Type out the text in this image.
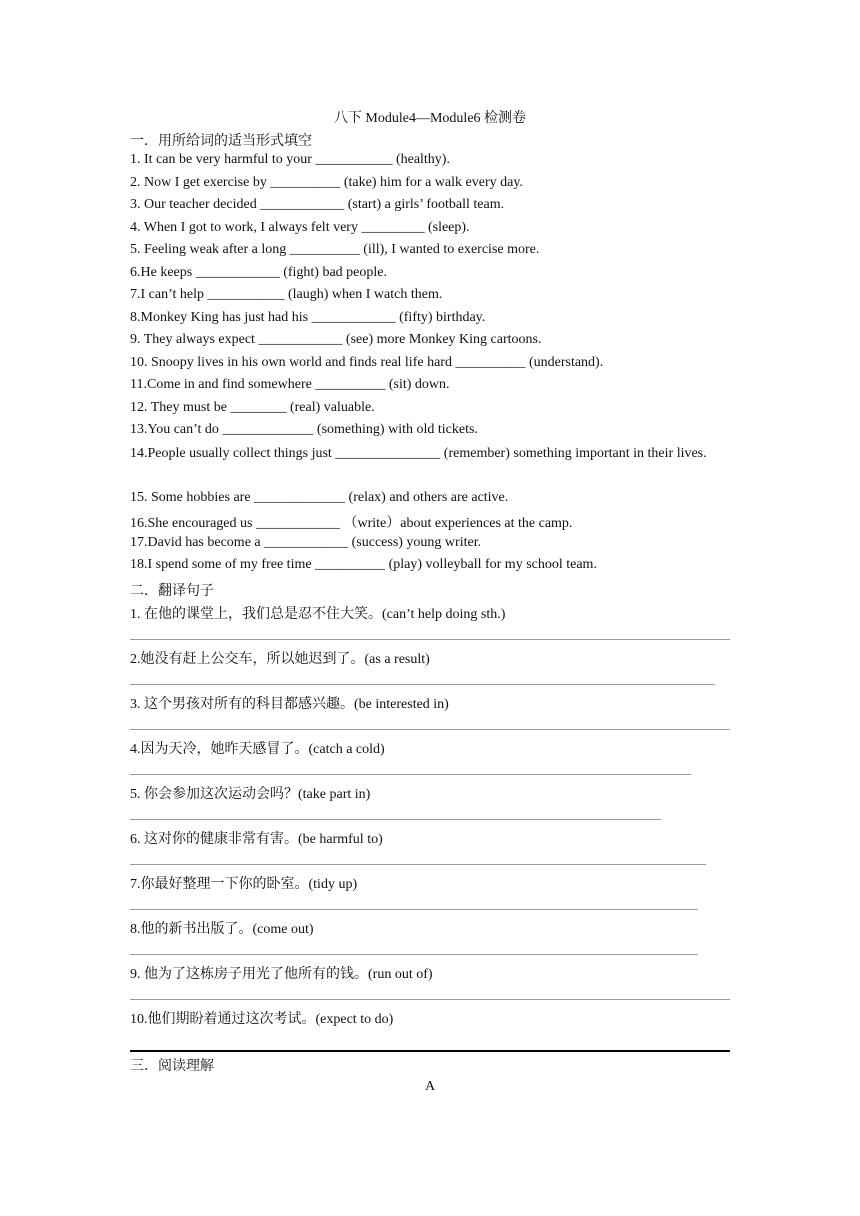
八下 Module4—Module6 检测卷
一．用所给词的适当形式填空
1. It can be very harmful to your ___________ (healthy).
2. Now I get exercise by __________ (take) him for a walk every day.
3. Our teacher decided ____________ (start) a girls’ football team.
4. When I got to work, I always felt very _________ (sleep).
5. Feeling weak after a long __________ (ill), I wanted to exercise more.
6.He keeps ____________ (fight) bad people.
7.I can’t help ___________ (laugh) when I watch them.
8.Monkey King has just had his ____________ (fifty) birthday.
9. They always expect ____________ (see) more Monkey King cartoons.
10. Snoopy lives in his own world and finds real life hard __________ (understand).
11.Come in and find somewhere __________ (sit) down.
12. They must be ________ (real) valuable.
13.You can’t do _____________ (something) with old tickets.
14.People usually collect things just _______________ (remember) something important in their lives.
15. Some hobbies are _____________ (relax) and others are active.
16.She encouraged us ____________ （write）about experiences at the camp.
17.David has become a ____________ (success) young writer.
18.I spend some of my free time __________ (play) volleyball for my school team.
二．翻译句子
1. 在他的课堂上，我们总是忍不住大笑。(can’t help doing sth.)
2.她没有赶上公交车，所以她迟到了。(as a result)
3. 这个男孩对所有的科目都感兴趣。(be interested in)
4.因为天冷，她昨天感冒了。(catch a cold)
5. 你会参加这次运动会吗？(take part in)
6. 这对你的健康非常有害。(be harmful to)
7.你最好整理一下你的卧室。(tidy up)
8.他的新书出版了。(come out)
9. 他为了这栋房子用光了他所有的钱。(run out of)
10.他们期盼着通过这次考试。(expect to do)
三．阅读理解
A
